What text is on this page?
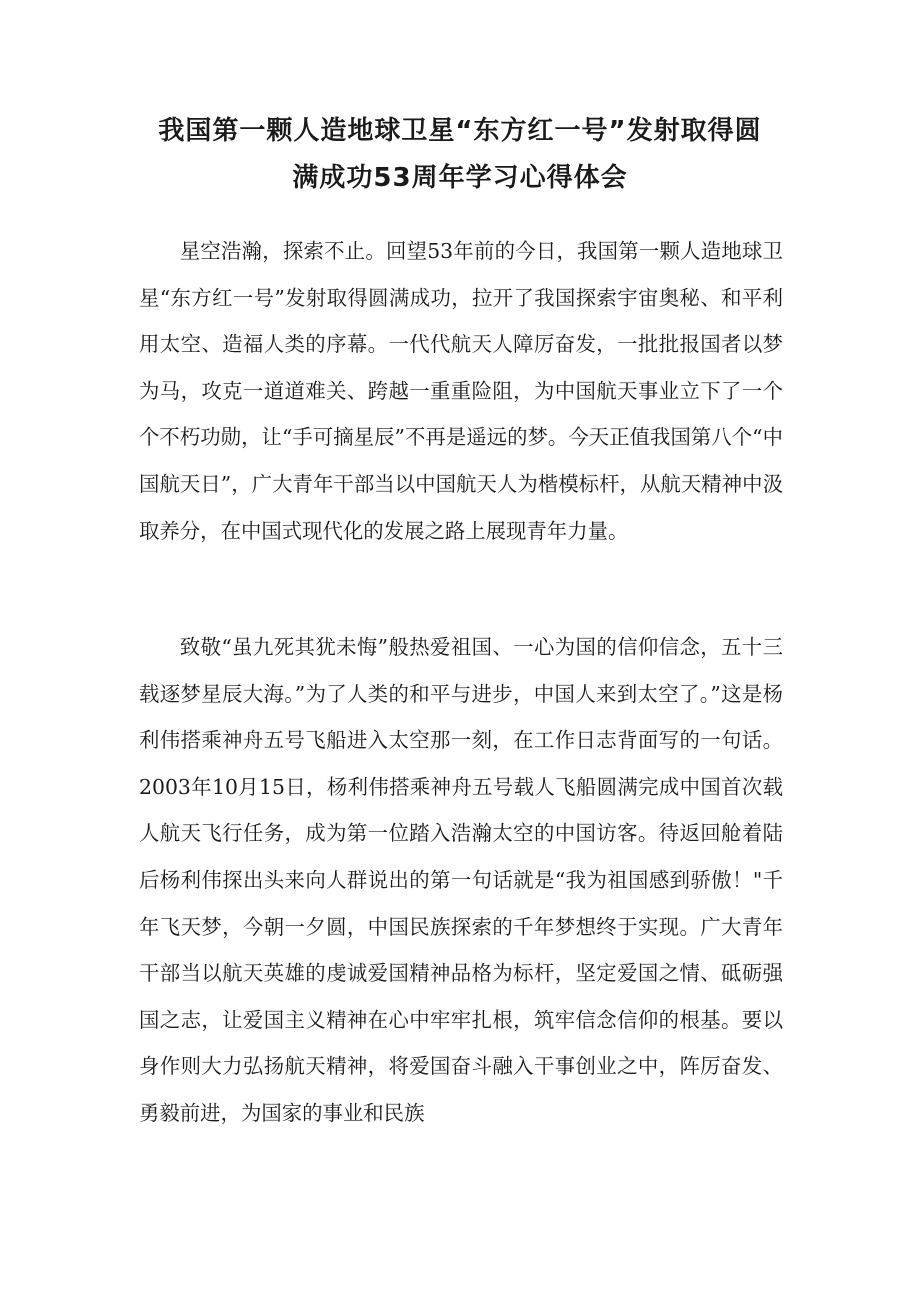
我国第一颗人造地球卫星“东方红一号”发射取得圆
满成功53周年学习心得体会

星空浩瀚，探索不止。回望53年前的今日，我国第一颗人造地球卫星“东方红一号”发射取得圆满成功，拉开了我国探索宇宙奥秘、和平利用太空、造福人类的序幕。一代代航天人障厉奋发，一批批报国者以梦为马，攻克一道道难关、跨越一重重险阻，为中国航天事业立下了一个个不朽功勋，让“手可摘星辰”不再是遥远的梦。今天正值我国第八个“中国航天日”，广大青年干部当以中国航天人为楷模标杆，从航天精神中汲取养分，在中国式现代化的发展之路上展现青年力量。

致敬“虽九死其犹未悔”般热爱祖国、一心为国的信仰信念，五十三载逐梦星辰大海。”为了人类的和平与进步，中国人来到太空了。”这是杨利伟搭乘神舟五号飞船进入太空那一刻，在工作日志背面写的一句话。2003年10月15日，杨利伟搭乘神舟五号载人飞船圆满完成中国首次载人航天飞行任务，成为第一位踏入浩瀚太空的中国访客。待返回舱着陆后杨利伟探出头来向人群说出的第一句话就是“我为祖国感到骄傲！"千年飞天梦，今朝一夕圆，中国民族探索的千年梦想终于实现。广大青年干部当以航天英雄的虔诚爱国精神品格为标杆，坚定爱国之情、砥砺强国之志，让爱国主义精神在心中牢牢扎根，筑牢信念信仰的根基。要以身作则大力弘扬航天精神，将爱国奋斗融入干事创业之中，阵厉奋发、勇毅前进，为国家的事业和民族
